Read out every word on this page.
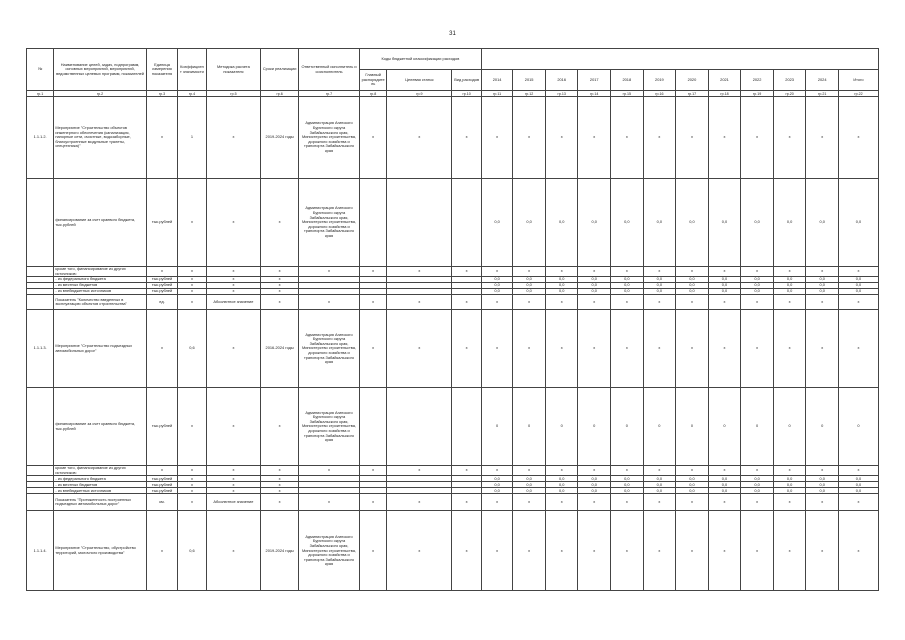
31
№	Наименование целей, задач, подпрограмм, основных мероприятий, мероприятий, ведомственных целевых программ, показателей	Единица измерения показателя	Коэффициент значимости	Методика расчета показателя	Сроки реализации	Ответственный исполнитель и соисполнитель	Коды бюджетной классификации расходов														
							Главный распорядитель	Целевая статья	Вид расходов	2014	2015	2016	2017	2018	2019	2020	2021	2022	2023	2024	Итого
гр.1	гр.2	гр.3	гр.4	гр.5	гр.6	гр.7	гр.8	гр.9	гр.10	гр.11	гр.12	гр.13	гр.14	гр.15	гр.16	гр.17	гр.18	гр.19	гр.20	гр.21	гр.22
1.1.1.2.	Мероприятие "Строительство объектов инженерного обеспечения (канализация, напорные сети, очистные, водозаборные, благоустроенные модульные туалеты, спецтехника)"	х	1	х	2019-2024 годы	Администрация Агинского Бурятского округа Забайкальского края, Министерство строительства, дорожного хозяйства и транспорта Забайкальского края	х	х	х	х	х	х	х	х	х	х	х	х	х	х	х
	финансирование за счет краевого бюджета, тыс.рублей	тыс.рублей	х	х	х	Администрация Агинского Бурятского округа Забайкальского края, Министерство строительства, дорожного хозяйства и транспорта Забайкальского края				0,0	0,0	0,0	0,0	0,0	0,0	0,0	0,0	0,0	0,0	0,0	0,0
	кроме того, финансирование из других источников:	х	х	х	х	х	х	х	х	х	х	х	х	х	х	х	х	х	х	х	х
	- из федерального бюджета	тыс.рублей	х	х	х					0,0	0,0	0,0	0,0	0,0	0,0	0,0	0,0	0,0	0,0	0,0	0,0
	- из местных бюджетов	тыс.рублей	х	х	х					0,0	0,0	0,0	0,0	0,0	0,0	0,0	0,0	0,0	0,0	0,0	0,0
	- из внебюджетных источников	тыс.рублей	х	х	х					0,0	0,0	0,0	0,0	0,0	0,0	0,0	0,0	0,0	0,0	0,0	0,0
	Показатель "Количество введенных в эксплуатацию объектов строительства"	ед.	х	Абсолютное значение	х	х	х	х	х	х	х	х	х	х	х	х	х	х	х	х	х
1.1.1.3.	Мероприятие "Строительство подъездных автомобильных дорог"	х	0,6	х	2016-2024 годы	Администрация Агинского Бурятского округа Забайкальского края, Министерство строительства, дорожного хозяйства и транспорта Забайкальского края	х	х	х	х	х	х	х	х	х	х	х	х	х	х	х
	финансирование за счет краевого бюджета, тыс.рублей	тыс.рублей	х	х	х	Администрация Агинского Бурятского округа Забайкальского края, Министерство строительства, дорожного хозяйства и транспорта Забайкальского края				0	0	0	0	0	0	0	0	0	0	0	0
	кроме того, финансирование из других источников:	х	х	х	х	х	х	х	х	х	х	х	х	х	х	х	х	х	х	х	х
	- из федерального бюджета	тыс.рублей	х	х	х					0,0	0,0	0,0	0,0	0,0	0,0	0,0	0,0	0,0	0,0	0,0	0,0
	- из местных бюджетов	тыс.рублей	х	х	х					0,0	0,0	0,0	0,0	0,0	0,0	0,0	0,0	0,0	0,0	0,0	0,0
	- из внебюджетных источников	тыс.рублей	х	х	х					0,0	0,0	0,0	0,0	0,0	0,0	0,0	0,0	0,0	0,0	0,0	0,0
	Показатель "Протяженность построенных подъездных автомобильных дорог"	км.	х	Абсолютное значение	х	х	х	х	х	х	х	х	х	х	х	х	х	х	х	х	х
1.1.1.4.	Мероприятие "Строительство, обустройство территорий, молочного производства"	х	0,6	х	2019-2024 годы	Администрация Агинского Бурятского округа Забайкальского края, Министерство строительства, дорожного хозяйства и транспорта Забайкальского края	х	х	х	х	х	х	х	х	х	х	х	х	х	х	х
